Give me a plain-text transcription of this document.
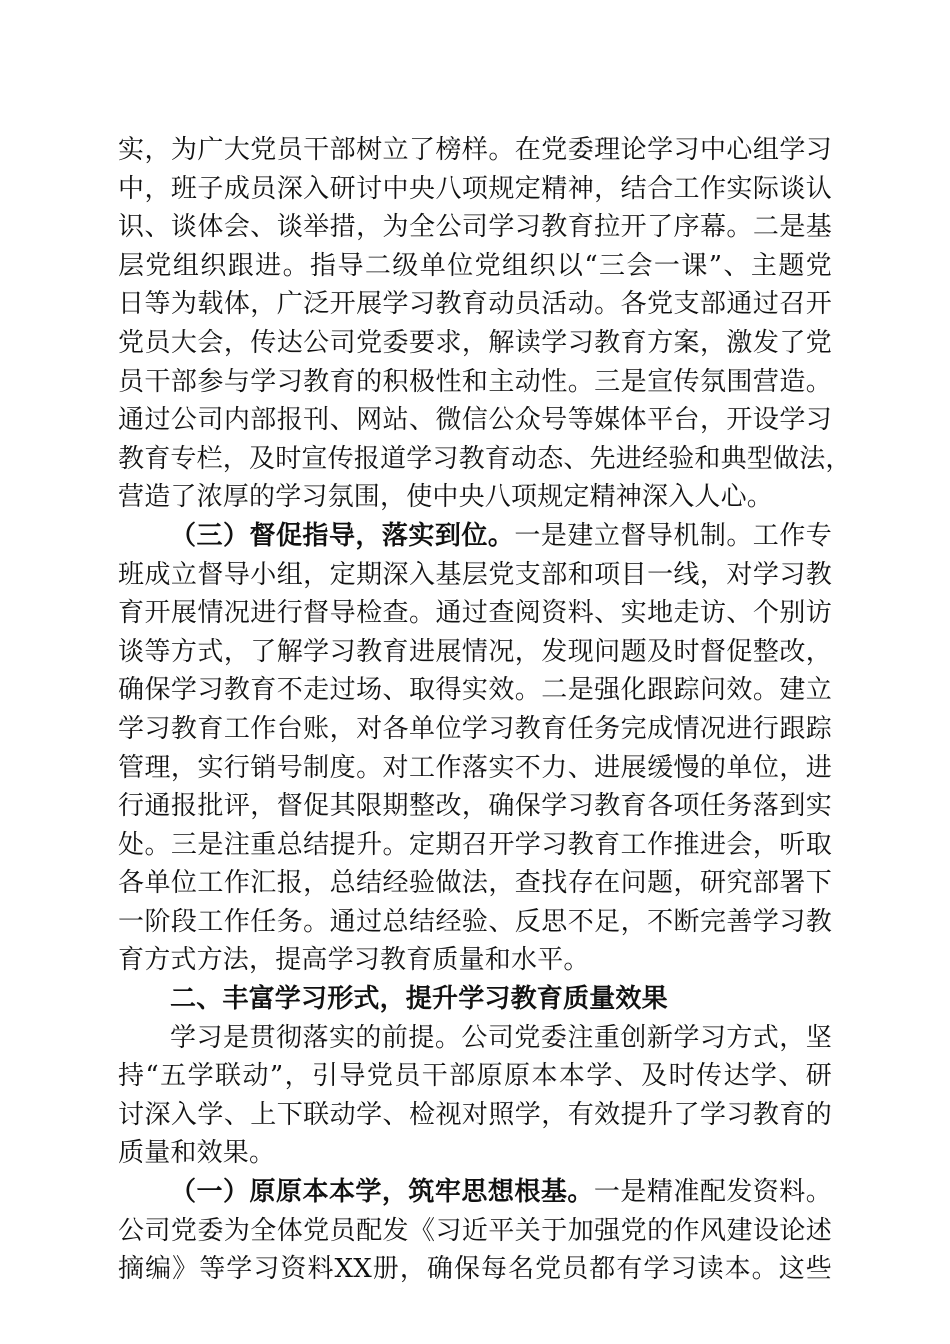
实，为广大党员干部树立了榜样。在党委理论学习中心组学习
中，班子成员深入研讨中央八项规定精神，结合工作实际谈认
识、谈体会、谈举措，为全公司学习教育拉开了序幕。二是基
层党组织跟进。指导二级单位党组织以“三会一课”、主题党
日等为载体，广泛开展学习教育动员活动。各党支部通过召开
党员大会，传达公司党委要求，解读学习教育方案，激发了党
员干部参与学习教育的积极性和主动性。三是宣传氛围营造。
通过公司内部报刊、网站、微信公众号等媒体平台，开设学习
教育专栏，及时宣传报道学习教育动态、先进经验和典型做法，
营造了浓厚的学习氛围，使中央八项规定精神深入人心。
（三）督促指导，落实到位。一是建立督导机制。工作专
班成立督导小组，定期深入基层党支部和项目一线，对学习教
育开展情况进行督导检查。通过查阅资料、实地走访、个别访
谈等方式，了解学习教育进展情况，发现问题及时督促整改，
确保学习教育不走过场、取得实效。二是强化跟踪问效。建立
学习教育工作台账，对各单位学习教育任务完成情况进行跟踪
管理，实行销号制度。对工作落实不力、进展缓慢的单位，进
行通报批评，督促其限期整改，确保学习教育各项任务落到实
处。三是注重总结提升。定期召开学习教育工作推进会，听取
各单位工作汇报，总结经验做法，查找存在问题，研究部署下
一阶段工作任务。通过总结经验、反思不足，不断完善学习教
育方式方法，提高学习教育质量和水平。
二、丰富学习形式，提升学习教育质量效果
学习是贯彻落实的前提。公司党委注重创新学习方式，坚
持“五学联动”，引导党员干部原原本本学、及时传达学、研
讨深入学、上下联动学、检视对照学，有效提升了学习教育的
质量和效果。
（一）原原本本学，筑牢思想根基。一是精准配发资料。
公司党委为全体党员配发《习近平关于加强党的作风建设论述
摘编》等学习资料XX册，确保每名党员都有学习读本。这些
